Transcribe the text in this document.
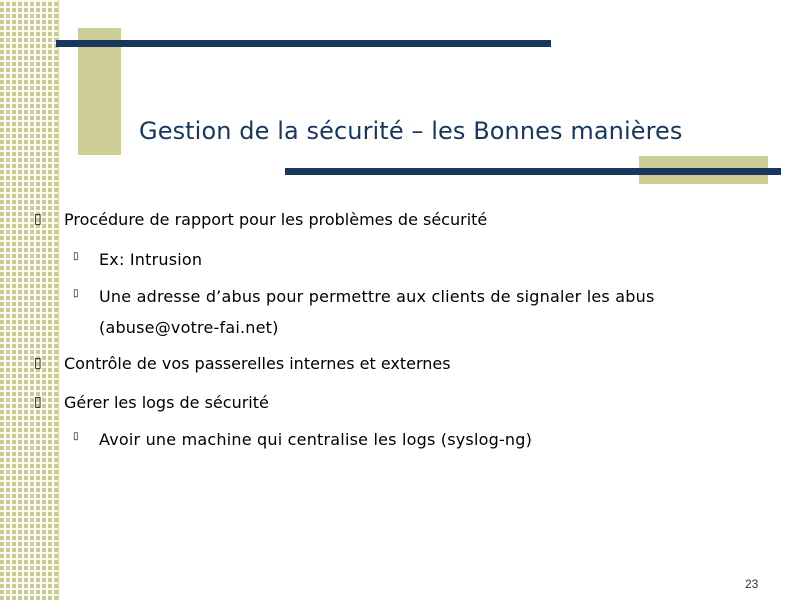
Gestion de la sécurité – les Bonnes manières
▯	Procédure de rapport pour les problèmes de sécurité
▯	Ex: Intrusion
▯	Une adresse d’abus pour permettre aux clients de signaler les abus
(abuse@votre-fai.net)
▯	Contrôle de vos passerelles internes et externes
▯	Gérer les logs de sécurité
▯	Avoir une machine qui centralise les logs (syslog-ng)
23
